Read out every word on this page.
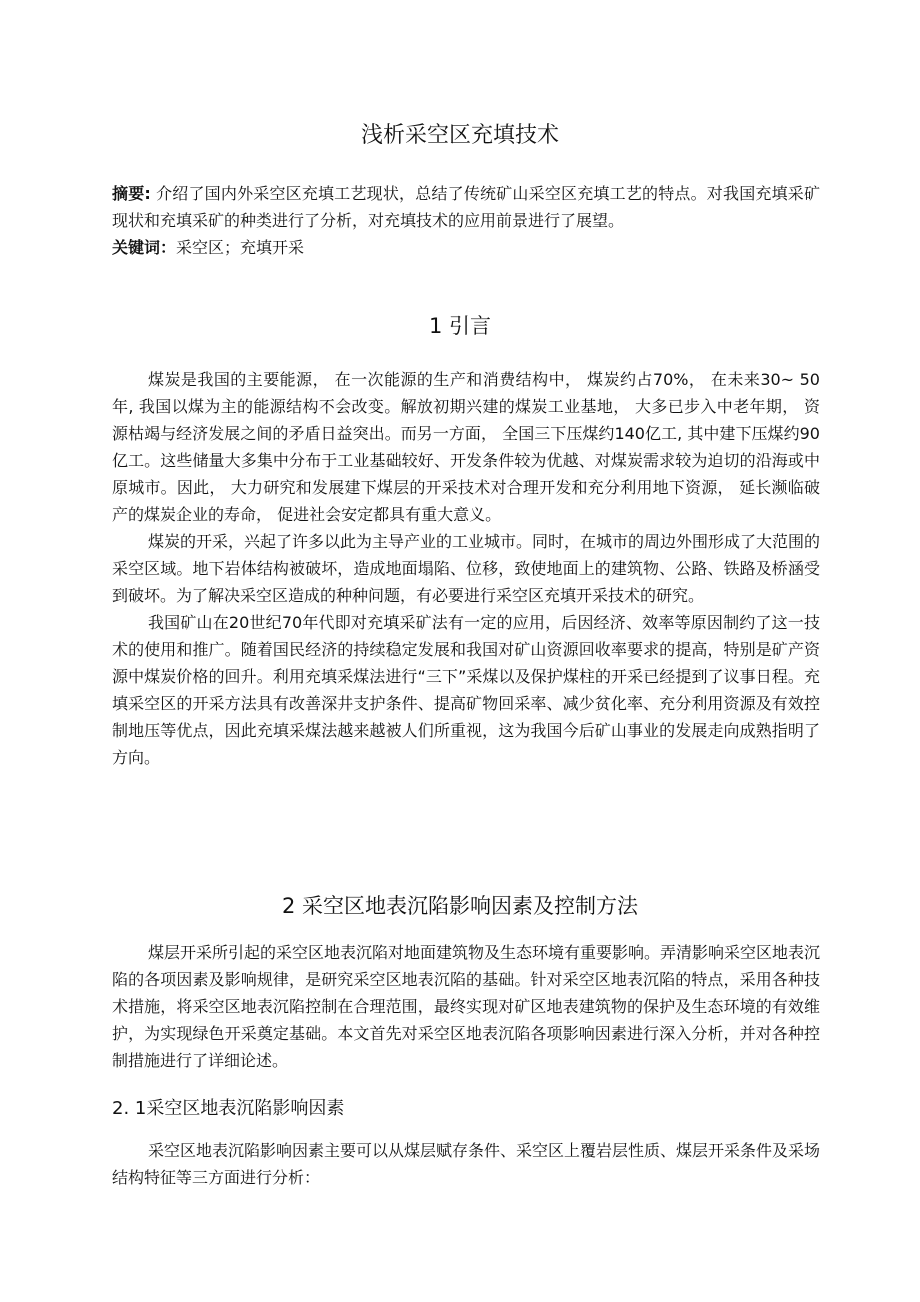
浅析采空区充填技术

摘要: 介绍了国内外采空区充填工艺现状，总结了传统矿山采空区充填工艺的特点。对我国充填采矿现状和充填采矿的种类进行了分析，对充填技术的应用前景进行了展望。

关键词：采空区；充填开采

1 引言

煤炭是我国的主要能源， 在一次能源的生产和消费结构中， 煤炭约占70%， 在未来30~ 50 年, 我国以煤为主的能源结构不会改变。解放初期兴建的煤炭工业基地， 大多已步入中老年期， 资源枯竭与经济发展之间的矛盾日益突出。而另一方面， 全国三下压煤约140亿工, 其中建下压煤约90亿工。这些储量大多集中分布于工业基础较好、开发条件较为优越、对煤炭需求较为迫切的沿海或中原城市。因此， 大力研究和发展建下煤层的开采技术对合理开发和充分利用地下资源， 延长濒临破产的煤炭企业的寿命， 促进社会安定都具有重大意义。

煤炭的开采，兴起了许多以此为主导产业的工业城市。同时，在城市的周边外围形成了大范围的采空区域。地下岩体结构被破坏，造成地面塌陷、位移，致使地面上的建筑物、公路、铁路及桥涵受到破坏。为了解决采空区造成的种种问题，有必要进行采空区充填开采技术的研究。

我国矿山在20世纪70年代即对充填采矿法有一定的应用，后因经济、效率等原因制约了这一技术的使用和推广。随着国民经济的持续稳定发展和我国对矿山资源回收率要求的提高，特别是矿产资源中煤炭价格的回升。利用充填采煤法进行“三下”采煤以及保护煤柱的开采已经提到了议事日程。充填采空区的开采方法具有改善深井支护条件、提高矿物回采率、减少贫化率、充分利用资源及有效控制地压等优点，因此充填采煤法越来越被人们所重视，这为我国今后矿山事业的发展走向成熟指明了方向。

2 采空区地表沉陷影响因素及控制方法

煤层开采所引起的采空区地表沉陷对地面建筑物及生态环境有重要影响。弄清影响采空区地表沉陷的各项因素及影响规律，是研究采空区地表沉陷的基础。针对采空区地表沉陷的特点，采用各种技术措施，将采空区地表沉陷控制在合理范围，最终实现对矿区地表建筑物的保护及生态环境的有效维护，为实现绿色开采奠定基础。本文首先对采空区地表沉陷各项影响因素进行深入分析，并对各种控制措施进行了详细论述。

2. 1采空区地表沉陷影响因素

采空区地表沉陷影响因素主要可以从煤层赋存条件、采空区上覆岩层性质、煤层开采条件及采场结构特征等三方面进行分析：
